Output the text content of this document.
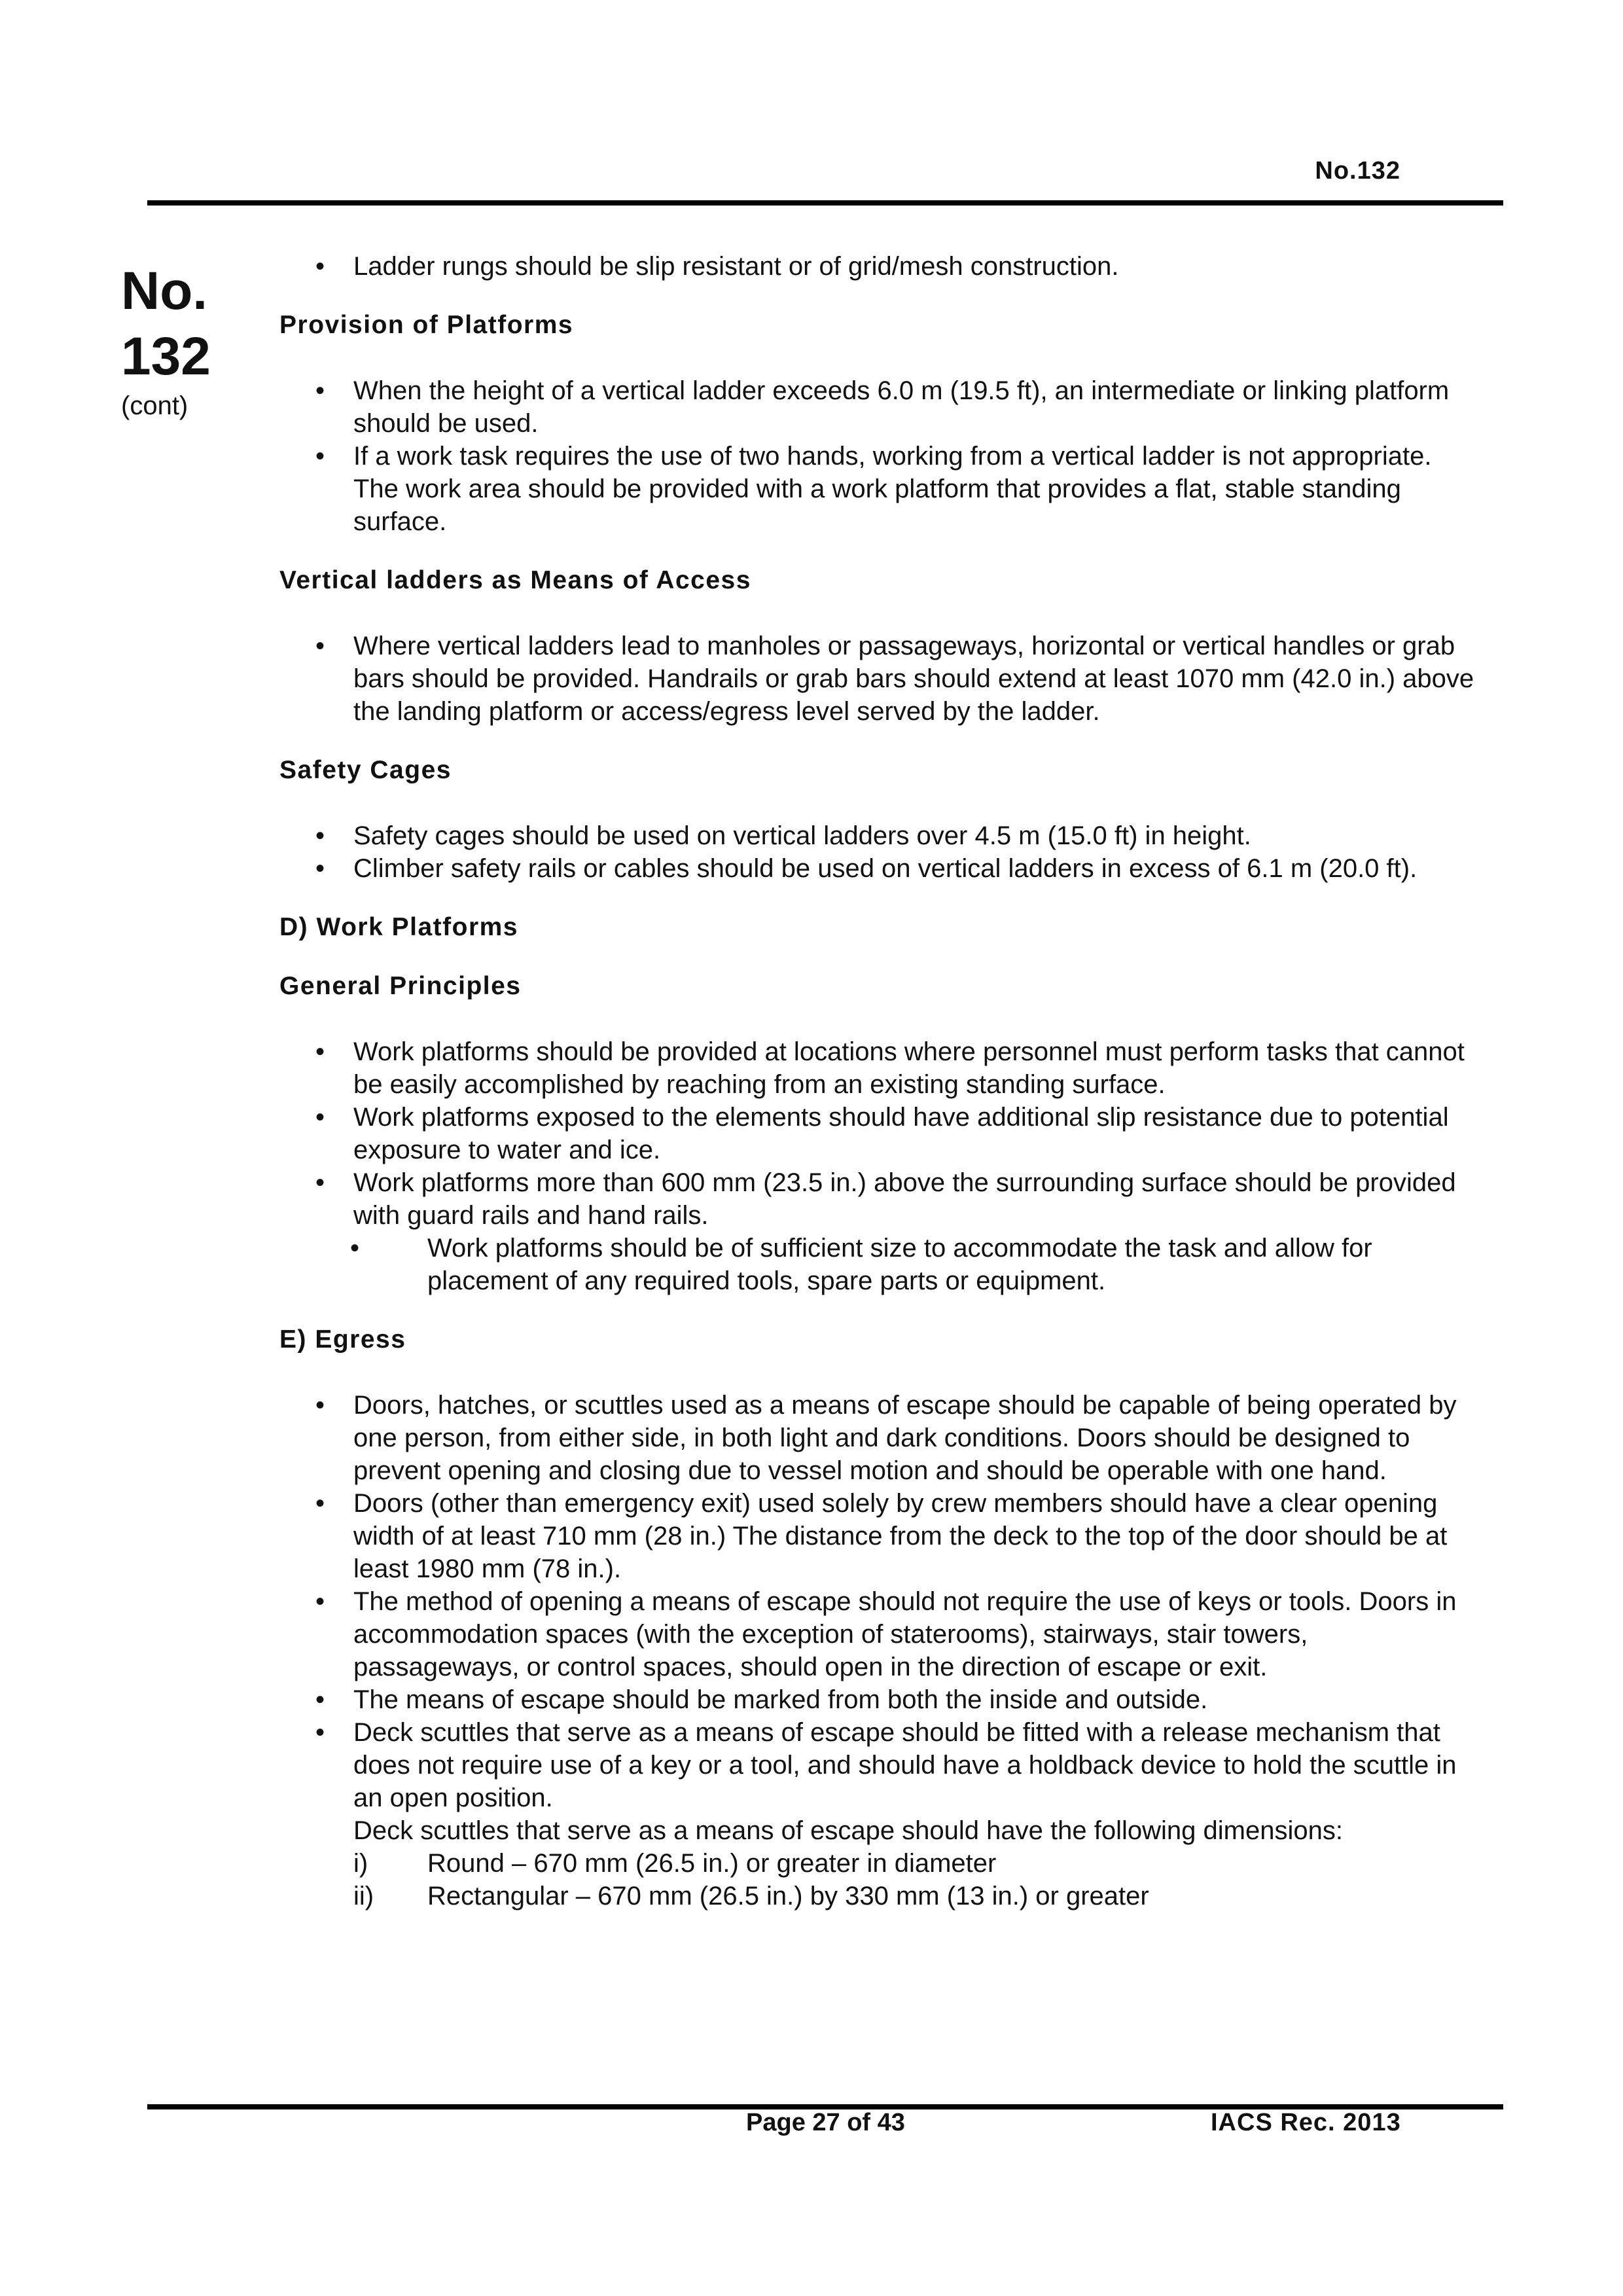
No.132
No.
132
(cont)
• Ladder rungs should be slip resistant or of grid/mesh construction.
Provision of Platforms
• When the height of a vertical ladder exceeds 6.0 m (19.5 ft), an intermediate or linking platform should be used.
• If a work task requires the use of two hands, working from a vertical ladder is not appropriate. The work area should be provided with a work platform that provides a flat, stable standing surface.
Vertical ladders as Means of Access
• Where vertical ladders lead to manholes or passageways, horizontal or vertical handles or grab bars should be provided. Handrails or grab bars should extend at least 1070 mm (42.0 in.) above the landing platform or access/egress level served by the ladder.
Safety Cages
• Safety cages should be used on vertical ladders over 4.5 m (15.0 ft) in height.
• Climber safety rails or cables should be used on vertical ladders in excess of 6.1 m (20.0 ft).
D) Work Platforms
General Principles
• Work platforms should be provided at locations where personnel must perform tasks that cannot be easily accomplished by reaching from an existing standing surface.
• Work platforms exposed to the elements should have additional slip resistance due to potential exposure to water and ice.
• Work platforms more than 600 mm (23.5 in.) above the surrounding surface should be provided with guard rails and hand rails.
•	Work platforms should be of sufficient size to accommodate the task and allow for placement of any required tools, spare parts or equipment.
E) Egress
• Doors, hatches, or scuttles used as a means of escape should be capable of being operated by one person, from either side, in both light and dark conditions. Doors should be designed to prevent opening and closing due to vessel motion and should be operable with one hand.
• Doors (other than emergency exit) used solely by crew members should have a clear opening width of at least 710 mm (28 in.) The distance from the deck to the top of the door should be at least 1980 mm (78 in.).
• The method of opening a means of escape should not require the use of keys or tools. Doors in accommodation spaces (with the exception of staterooms), stairways, stair towers, passageways, or control spaces, should open in the direction of escape or exit.
• The means of escape should be marked from both the inside and outside.
• Deck scuttles that serve as a means of escape should be fitted with a release mechanism that does not require use of a key or a tool, and should have a holdback device to hold the scuttle in an open position.
Deck scuttles that serve as a means of escape should have the following dimensions:
i) Round – 670 mm (26.5 in.) or greater in diameter
ii) Rectangular – 670 mm (26.5 in.) by 330 mm (13 in.) or greater
Page 27 of 43	IACS Rec. 2013
